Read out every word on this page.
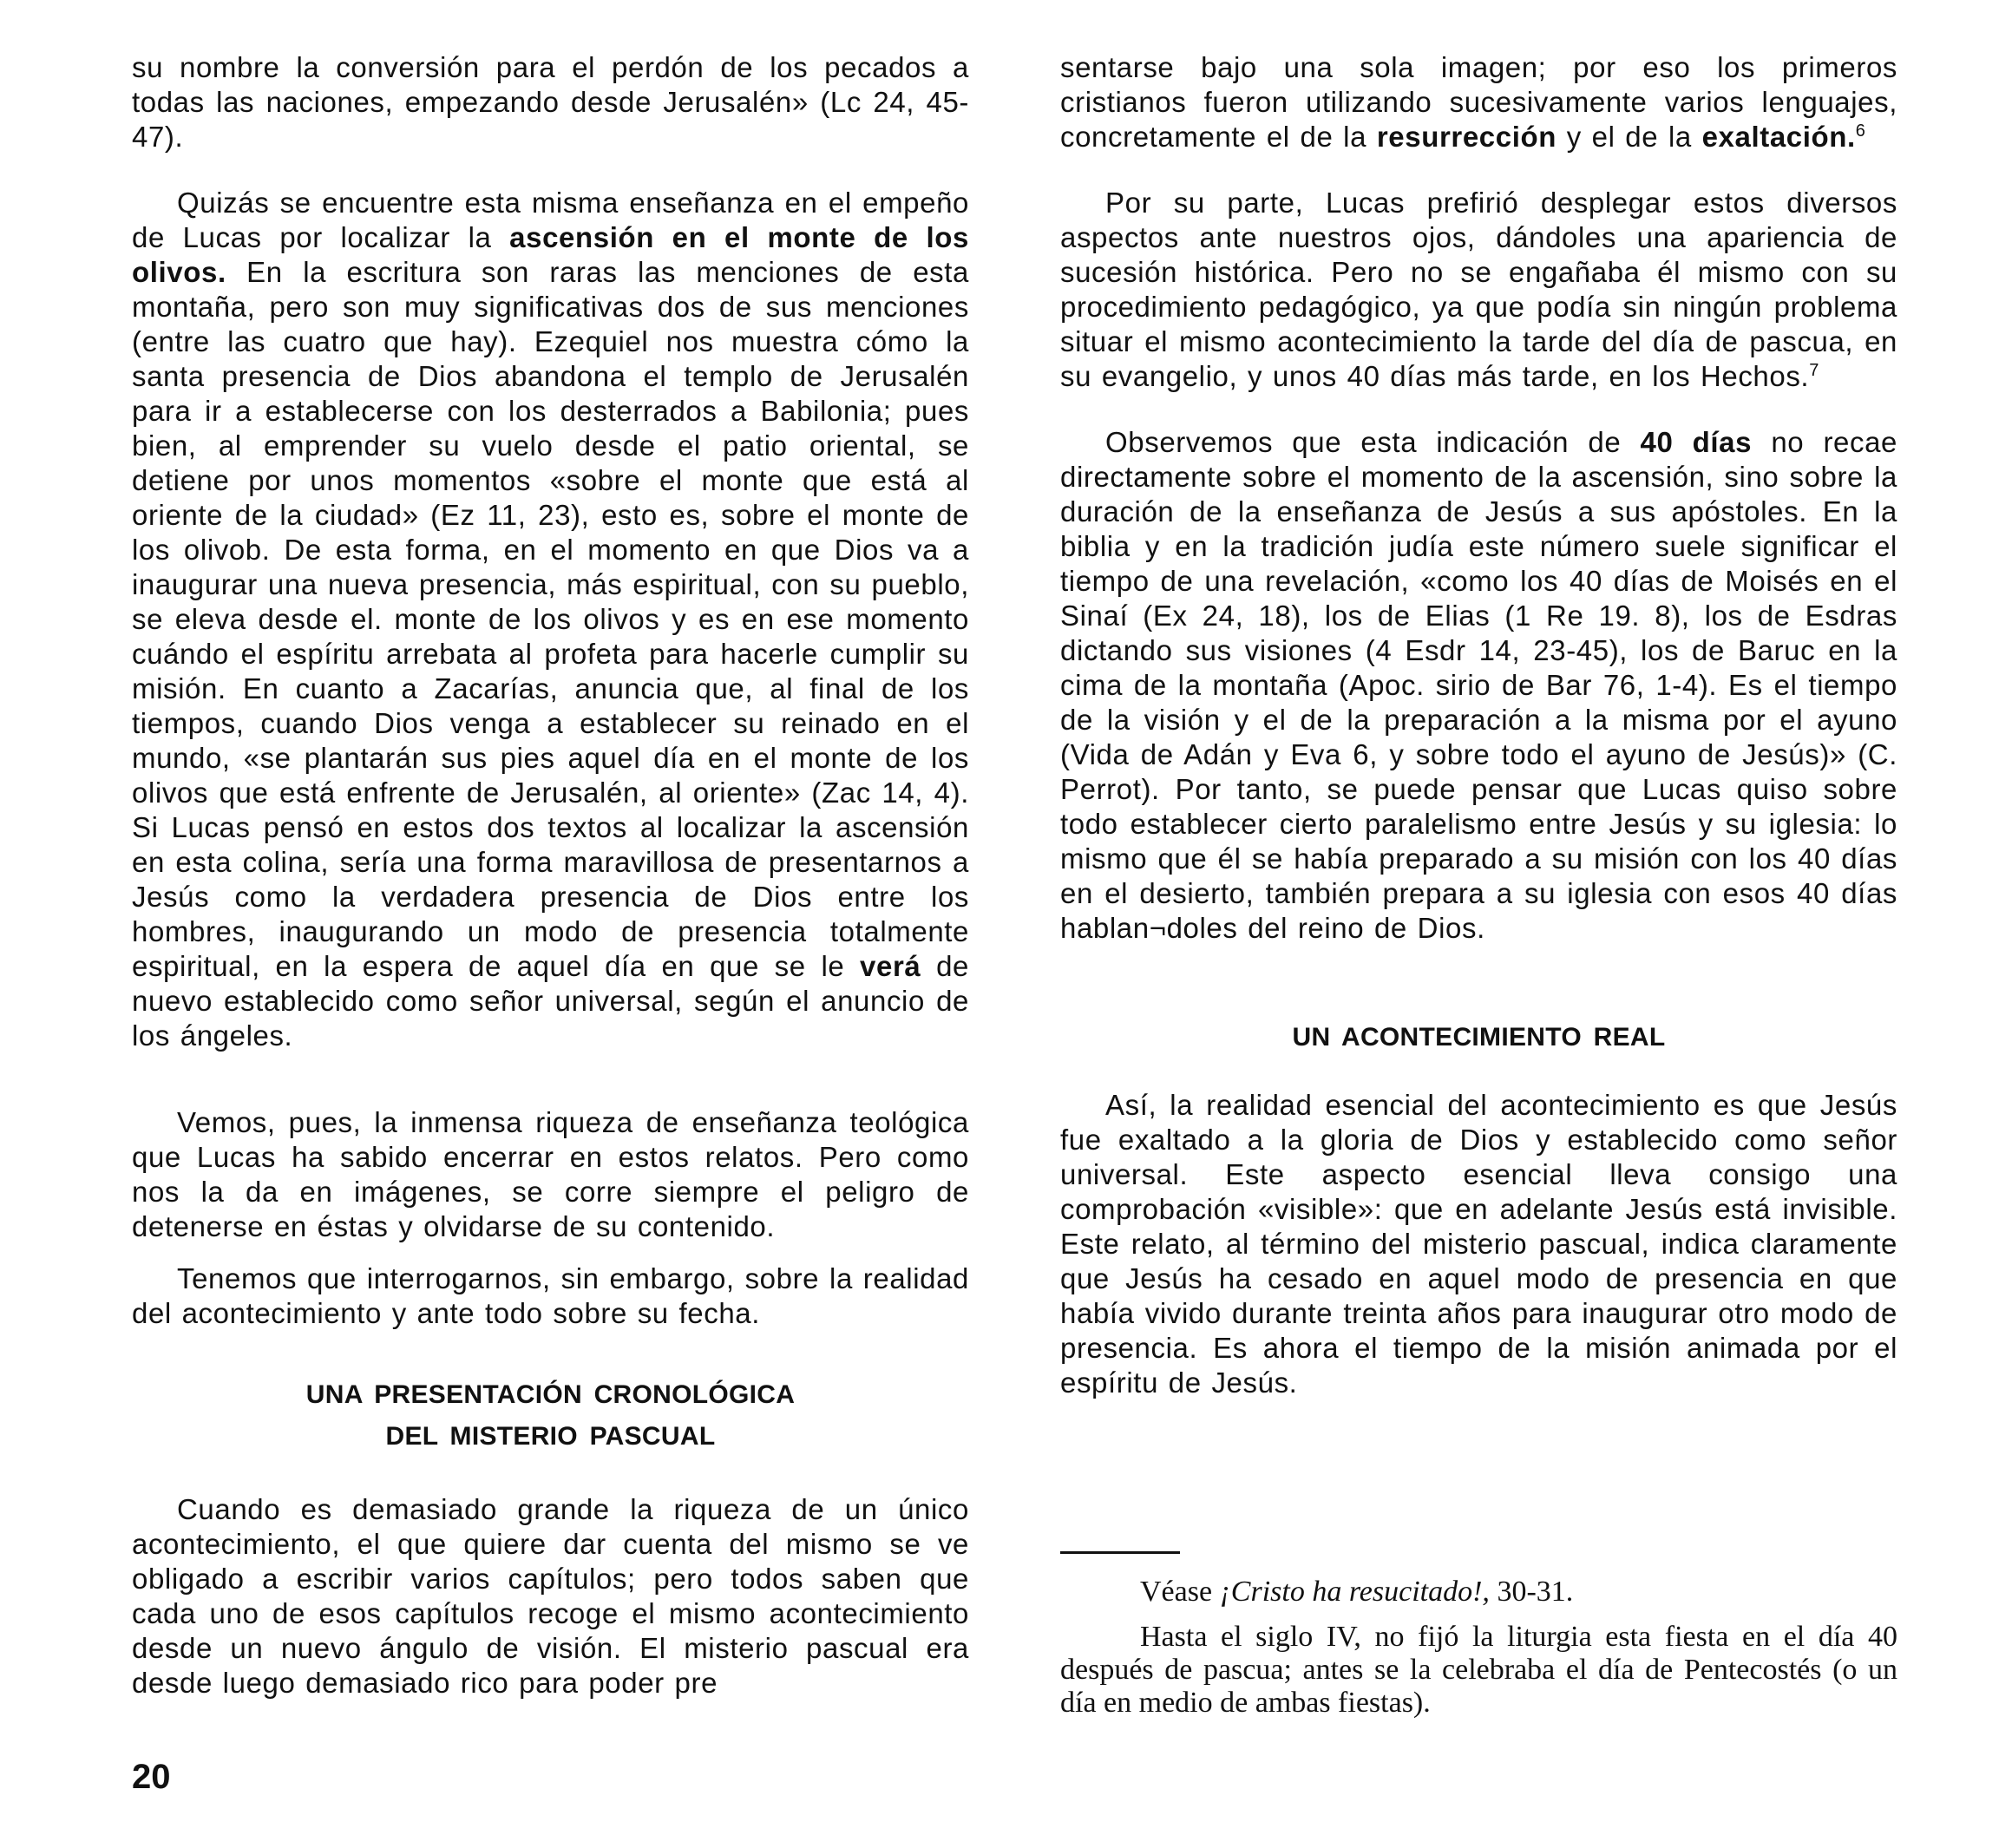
su nombre la conversión para el perdón de los pecados a todas las naciones, empezando desde Jerusalén» (Lc 24, 45-47).

Quizás se encuentre esta misma enseñanza en el empeño de Lucas por localizar la ascensión en el monte de los olivos. En la escritura son raras las menciones de esta montaña, pero son muy significativas dos de sus menciones (entre las cuatro que hay). Ezequiel nos muestra cómo la santa presencia de Dios abandona el templo de Jerusalén para ir a establecerse con los desterrados a Babilonia; pues bien, al emprender su vuelo desde el patio oriental, se detiene por unos momentos «sobre el monte que está al oriente de la ciudad» (Ez 11, 23), esto es, sobre el monte de los olivob. De esta forma, en el momento en que Dios va a inaugurar una nueva presencia, más espiritual, con su pueblo, se eleva desde el. monte de los olivos y es en ese momento cuándo el espíritu arrebata al profeta para hacerle cumplir su misión. En cuanto a Zacarías, anuncia que, al final de los tiempos, cuando Dios venga a establecer su reinado en el mundo, «se plantarán sus pies aquel día en el monte de los olivos que está enfrente de Jerusalén, al oriente» (Zac 14, 4). Si Lucas pensó en estos dos textos al localizar la ascensión en esta colina, sería una forma maravillosa de presentarnos a Jesús como la verdadera presencia de Dios entre los hombres, inaugurando un modo de presencia totalmente espiritual, en la espera de aquel día en que se le verá de nuevo establecido como señor universal, según el anuncio de los ángeles.

Vemos, pues, la inmensa riqueza de enseñanza teológica que Lucas ha sabido encerrar en estos relatos. Pero como nos la da en imágenes, se corre siempre el peligro de detenerse en éstas y olvidarse de su contenido.

Tenemos que interrogarnos, sin embargo, sobre la realidad del acontecimiento y ante todo sobre su fecha.

UNA PRESENTACIÓN CRONOLÓGICA

DEL MISTERIO PASCUAL

Cuando es demasiado grande la riqueza de un único acontecimiento, el que quiere dar cuenta del mismo se ve obligado a escribir varios capítulos; pero todos saben que cada uno de esos capítulos recoge el mismo acontecimiento desde un nuevo ángulo de visión. El misterio pascual era desde luego demasiado rico para poder pre

sentarse bajo una sola imagen; por eso los primeros cristianos fueron utilizando sucesivamente varios lenguajes, concretamente el de la resurrección y el de la exaltación.$^6$

Por su parte, Lucas prefirió desplegar estos diversos aspectos ante nuestros ojos, dándoles una apariencia de sucesión histórica. Pero no se engañaba él mismo con su procedimiento pedagógico, ya que podía sin ningún problema situar el mismo acontecimiento la tarde del día de pascua, en su evangelio, y unos 40 días más tarde, en los Hechos.$^7$

Observemos que esta indicación de 40 días no recae directamente sobre el momento de la ascensión, sino sobre la duración de la enseñanza de Jesús a sus apóstoles. En la biblia y en la tradición judía este número suele significar el tiempo de una revelación, «como los 40 días de Moisés en el Sinaí (Ex 24, 18), los de Elias (1 Re 19. 8), los de Esdras dictando sus visiones (4 Esdr 14, 23-45), los de Baruc en la cima de la montaña (Apoc. sirio de Bar 76, 1-4). Es el tiempo de la visión y el de la preparación a la misma por el ayuno (Vida de Adán y Eva 6, y sobre todo el ayuno de Jesús)» (C. Perrot). Por tanto, se puede pensar que Lucas quiso sobre todo establecer cierto paralelismo entre Jesús y su iglesia: lo mismo que él se había preparado a su misión con los 40 días en el desierto, también prepara a su iglesia con esos 40 días hablan¬doles del reino de Dios.

UN ACONTECIMIENTO REAL

Así, la realidad esencial del acontecimiento es que Jesús fue exaltado a la gloria de Dios y establecido como señor universal. Este aspecto esencial lleva consigo una comprobación «visible»: que en adelante Jesús está invisible. Este relato, al término del misterio pascual, indica claramente que Jesús ha cesado en aquel modo de presencia en que había vivido durante treinta años para inaugurar otro modo de presencia. Es ahora el tiempo de la misión animada por el espíritu de Jesús.

Véase ¡Cristo ha resucitado!, 30-31.

Hasta el siglo IV, no fijó la liturgia esta fiesta en el día 40 después de pascua; antes se la celebraba el día de Pentecostés (o un día en medio de ambas fiestas).

20
